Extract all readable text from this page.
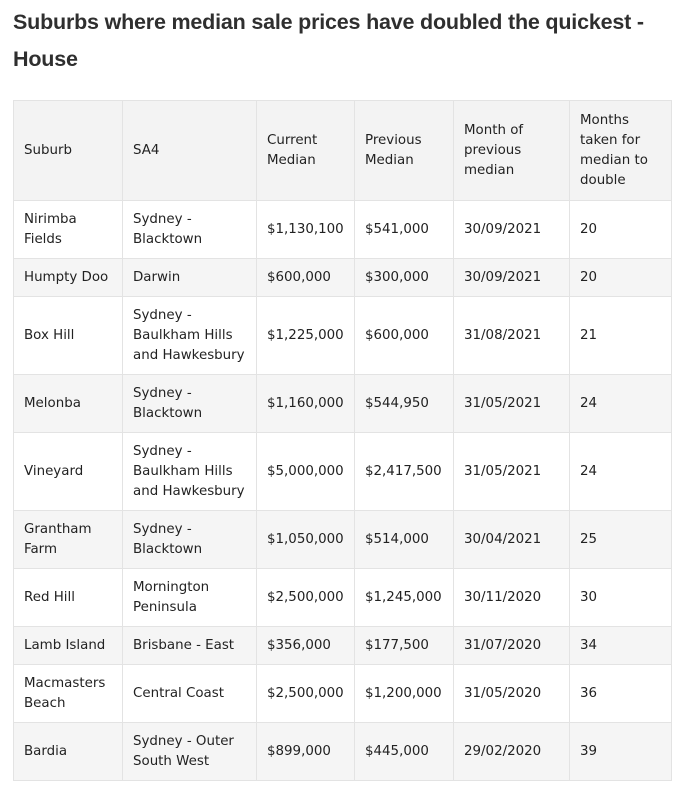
Suburbs where median sale prices have doubled the quickest - House
Suburb	SA4	Current Median	Previous Median	Month of previous median	Months taken for median to double
Nirimba Fields	Sydney - Blacktown	$1,130,100	$541,000	30/09/2021	20
Humpty Doo	Darwin	$600,000	$300,000	30/09/2021	20
Box Hill	Sydney - Baulkham Hills and Hawkesbury	$1,225,000	$600,000	31/08/2021	21
Melonba	Sydney - Blacktown	$1,160,000	$544,950	31/05/2021	24
Vineyard	Sydney - Baulkham Hills and Hawkesbury	$5,000,000	$2,417,500	31/05/2021	24
Grantham Farm	Sydney - Blacktown	$1,050,000	$514,000	30/04/2021	25
Red Hill	Mornington Peninsula	$2,500,000	$1,245,000	30/11/2020	30
Lamb Island	Brisbane - East	$356,000	$177,500	31/07/2020	34
Macmasters Beach	Central Coast	$2,500,000	$1,200,000	31/05/2020	36
Bardia	Sydney - Outer South West	$899,000	$445,000	29/02/2020	39
